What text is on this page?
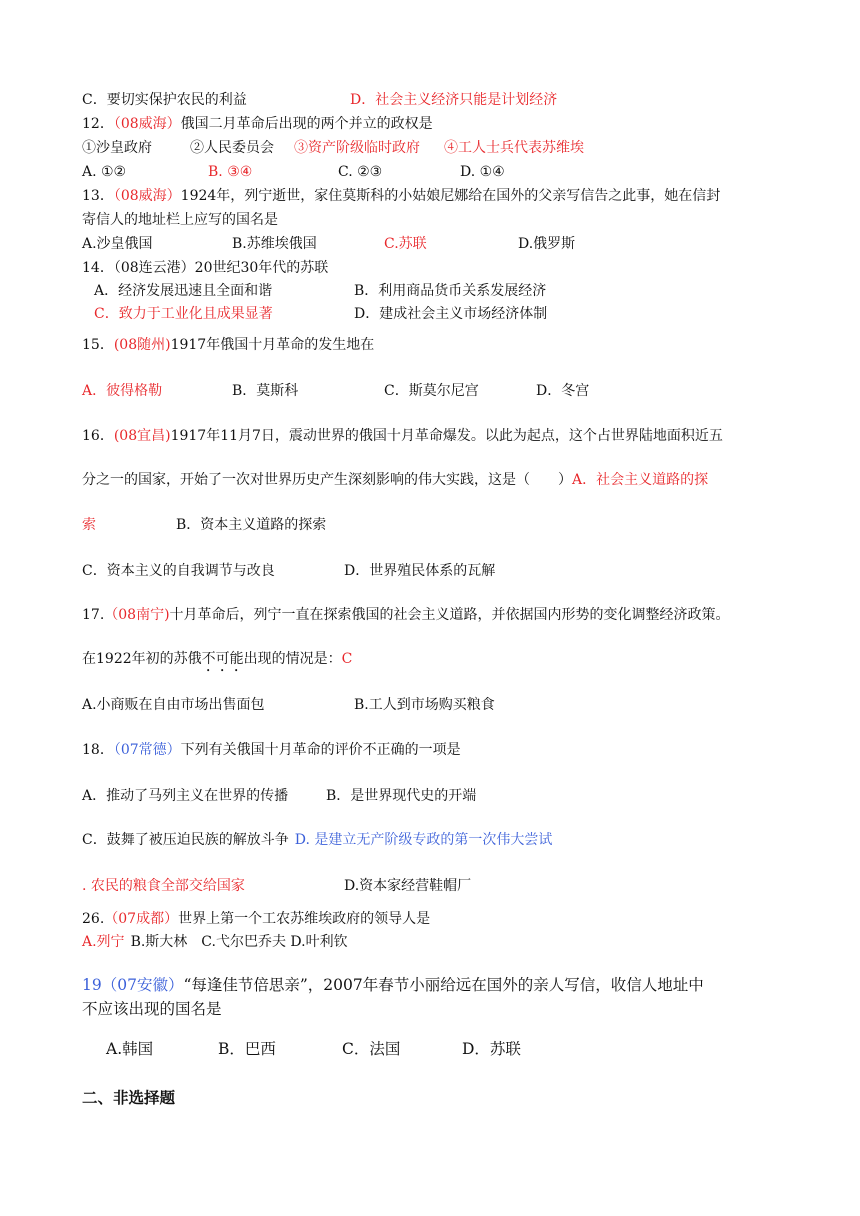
C．要切实保护农民的利益	D．社会主义经济只能是计划经济
12．（08威海）俄国二月革命后出现的两个并立的政权是
①沙皇政府	②人民委员会 ③资产阶级临时政府 ④工人士兵代表苏维埃
A. ①②	B. ③④	C. ②③	D. ①④
13．（08威海）1924年，列宁逝世，家住莫斯科的小姑娘尼娜给在国外的父亲写信告之此事，她在信封
寄信人的地址栏上应写的国名是
A.沙皇俄国	B.苏维埃俄国	C.苏联	D.俄罗斯
14．（08连云港）20世纪30年代的苏联
A．经济发展迅速且全面和谐	B．利用商品货币关系发展经济
C．致力于工业化且成果显著	D．建成社会主义市场经济体制
15．(08随州)1917年俄国十月革命的发生地在
A．彼得格勒	B．莫斯科	C．斯莫尔尼宫	D．冬宫
16．(08宜昌)1917年11月7日，震动世界的俄国十月革命爆发。以此为起点，这个占世界陆地面积近五
分之一的国家，开始了一次对世界历史产生深刻影响的伟大实践，这是（　　）A．社会主义道路的探
索	B．资本主义道路的探索
C．资本主义的自我调节与改良	D．世界殖民体系的瓦解
17.（08南宁)十月革命后，列宁一直在探索俄国的社会主义道路，并依据国内形势的变化调整经济政策。
在1922年初的苏俄不可能出现的情况是：C
A.小商贩在自由市场出售面包	B.工人到市场购买粮食
18．（07常德）下列有关俄国十月革命的评价不正确的一项是
A．推动了马列主义在世界的传播	B．是世界现代史的开端
C．鼓舞了被压迫民族的解放斗争 D. 是建立无产阶级专政的第一次伟大尝试
. 农民的粮食全部交给国家	D.资本家经营鞋帽厂
26.（07成都）世界上第一个工农苏维埃政府的领导人是
A.列宁 B.斯大林　C.弋尔巴乔夫 D.叶利钦
19（07安徽）“每逢佳节倍思亲”，2007年春节小丽给远在国外的亲人写信，收信人地址中
不应该出现的国名是
A.韩国	B．巴西	C．法国	D．苏联
二、非选择题
